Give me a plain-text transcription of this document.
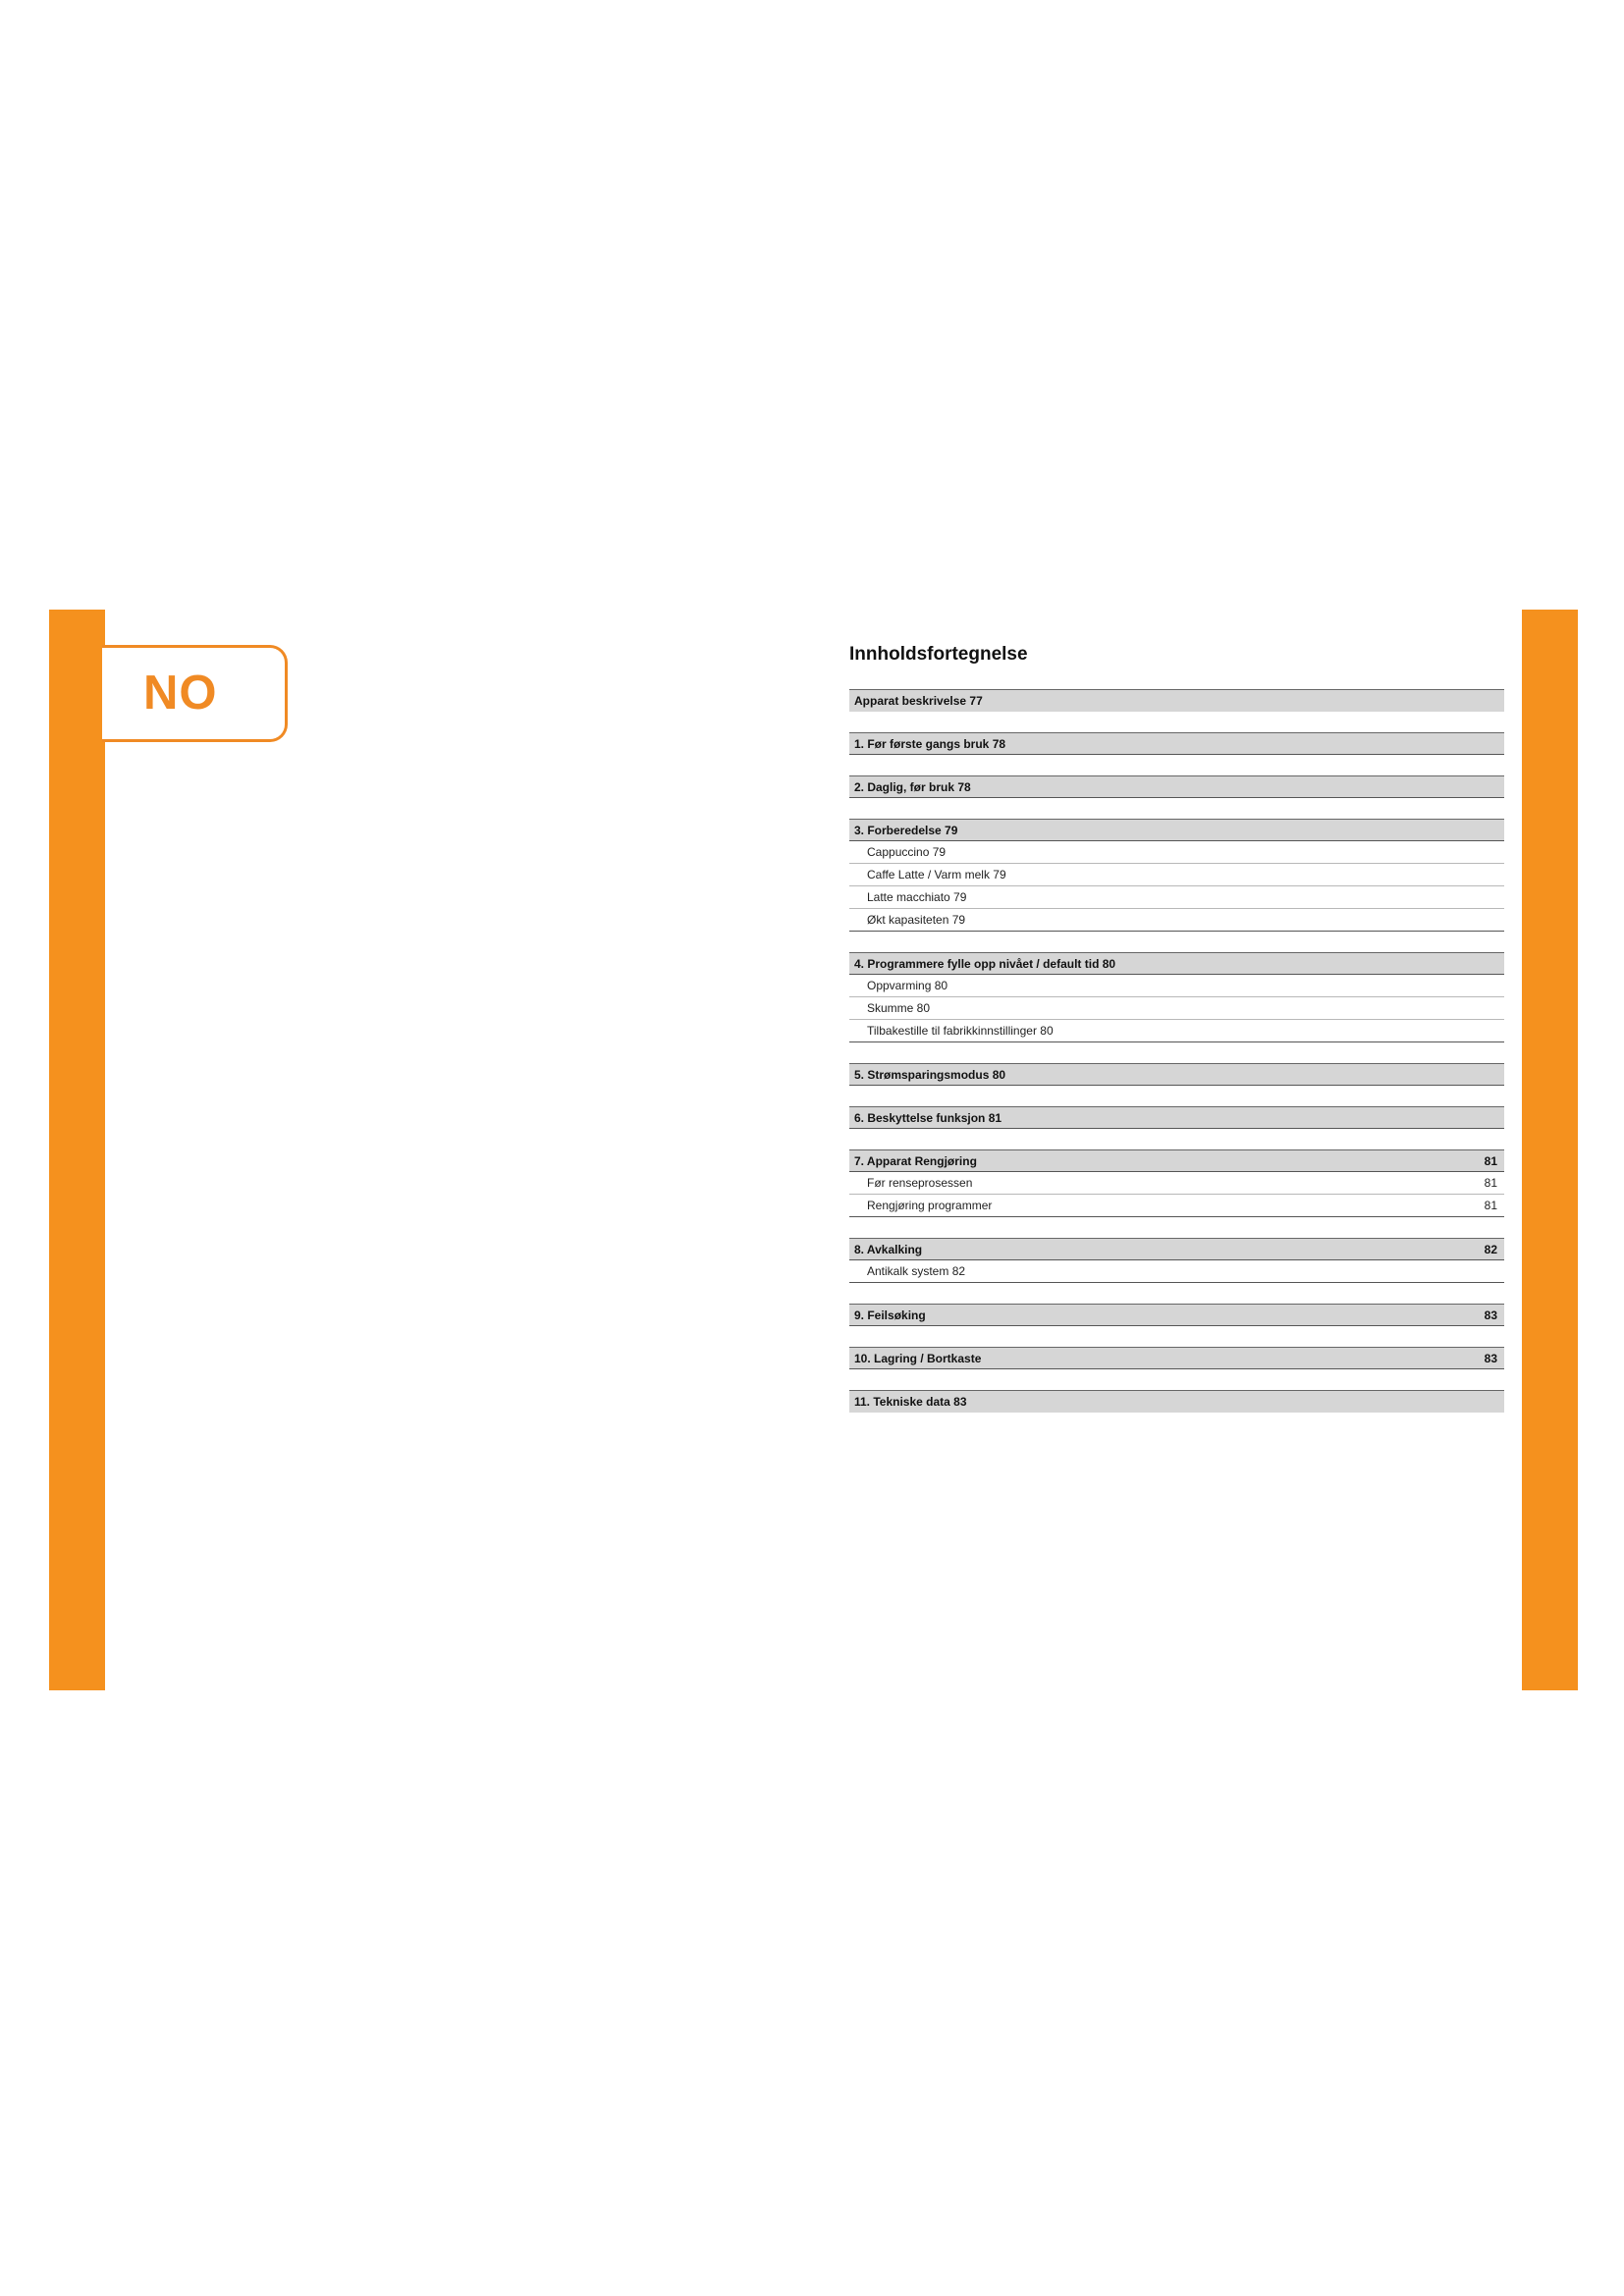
NO
74
NO
NO
75
Innholdsfortegnelse
Apparat beskrivelse 77
1. Før første gangs bruk 78
2. Daglig, før bruk 78
3. Forberedelse 79
Cappuccino 79
Caffe Latte / Varm melk 79
Latte macchiato 79
Økt kapasiteten 79
4. Programmere fylle opp nivået / default tid 80
Oppvarming 80
Skumme 80
Tilbakestille til fabrikkinnstillinger 80
5. Strømsparingsmodus 80
6. Beskyttelse funksjon 81
7. Apparat Rengjøring	81
Før renseprosessen	81
Rengjøring programmer	81
8. Avkalking	82
Antikalk system 82
9. Feilsøking	83
10. Lagring / Bortkaste	83
11. Tekniske data 83
